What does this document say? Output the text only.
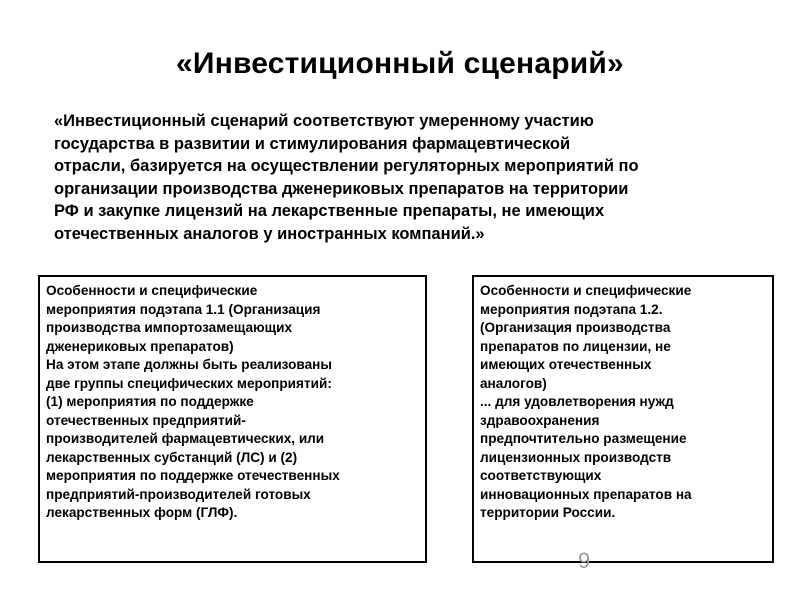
«Инвестиционный сценарий»
«Инвестиционный сценарий соответствуют умеренному участию
государства в развитии и стимулирования фармацевтической
отрасли, базируется на осуществлении регуляторных мероприятий по
организации производства дженериковых препаратов на территории
РФ и закупке лицензий на лекарственные препараты, не имеющих
отечественных аналогов у иностранных компаний.»
Особенности и специфические
мероприятия подэтапа 1.1 (Организация
производства импортозамещающих
дженериковых препаратов)
На этом этапе должны быть реализованы
две группы специфических мероприятий:
(1) мероприятия по поддержке
отечественных предприятий-
производителей фармацевтических, или
лекарственных субстанций (ЛС) и (2)
мероприятия по поддержке отечественных
предприятий-производителей готовых
лекарственных форм (ГЛФ).
Особенности и специфические
мероприятия подэтапа 1.2.
(Организация производства
препаратов по лицензии, не
имеющих отечественных
аналогов)
... для удовлетворения нужд
здравоохранения
предпочтительно размещение
лицензионных производств
соответствующих
инновационных препаратов на
территории России.
9
